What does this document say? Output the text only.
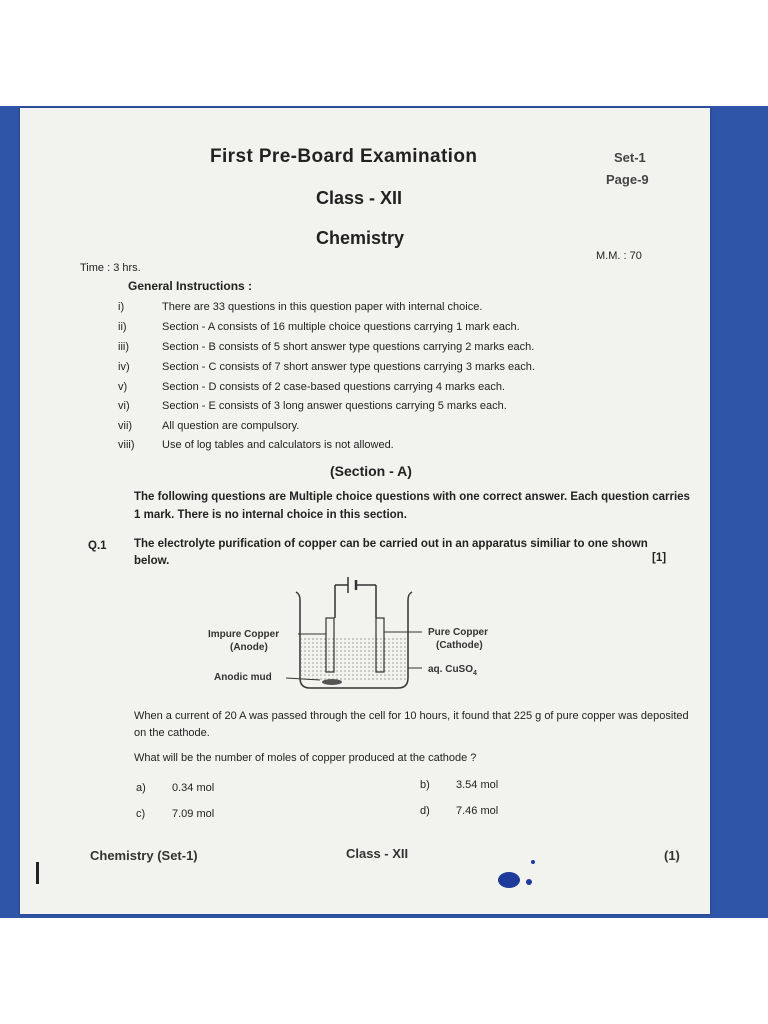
First Pre-Board Examination
Class - XII
Chemistry
Set-1
Page-9
Time : 3 hrs.
M.M. : 70
General Instructions :
i)	There are 33 questions in this question paper with internal choice.
ii)	Section - A consists of 16 multiple choice questions carrying 1 mark each.
iii)	Section - B consists of 5 short answer type questions carrying 2 marks each.
iv)	Section - C consists of 7 short answer type questions carrying 3 marks each.
v)	Section - D consists of 2 case-based questions carrying 4 marks each.
vi)	Section - E consists of 3 long answer questions carrying 5 marks each.
vii)	All question are compulsory.
viii)	Use of log tables and calculators is not allowed.
(Section - A)
The following questions are Multiple choice questions with one correct answer. Each question carries 1 mark. There is no internal choice in this section.
Q.1 The electrolyte purification of copper can be carried out in an apparatus similiar to one shown below.	[1]
Impure Copper
(Anode)
Pure Copper
(Cathode)
Anodic mud
aq. CuSO$_4$
When a current of 20 A was passed through the cell for 10 hours, it found that 225 g of pure copper was deposited on the cathode.
What will be the number of moles of copper produced at the cathode ?
a)	0.34 mol	b)	3.54 mol
c)	7.09 mol	d)	7.46 mol
Chemistry (Set-1)	Class - XII	(1)
